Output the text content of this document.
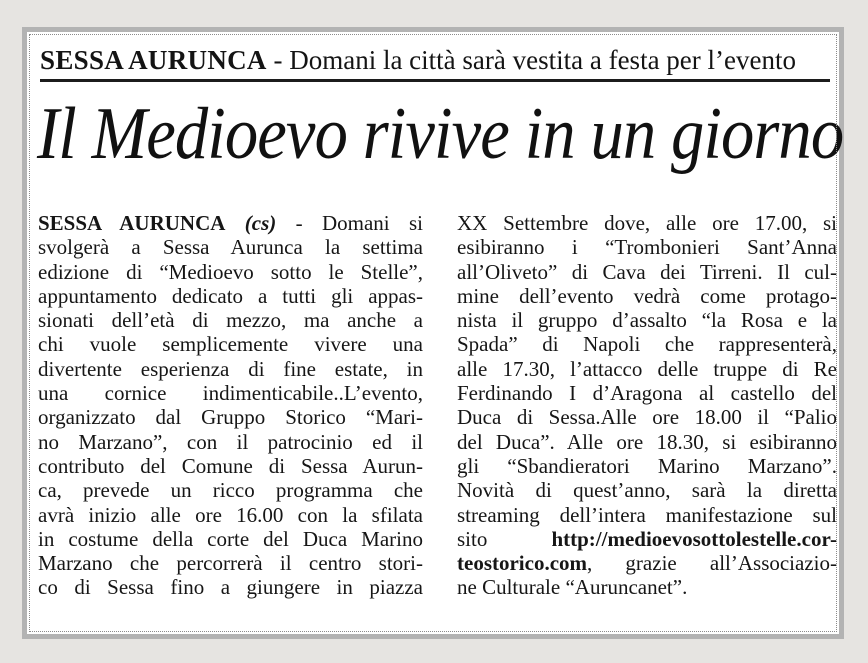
SESSA AURUNCA - Domani la città sarà vestita a festa per l’evento
Il Medioevo rivive in un giorno
SESSA AURUNCA (cs) - Domani si
svolgerà a Sessa Aurunca la settima
edizione di “Medioevo sotto le Stelle”,
appuntamento dedicato a tutti gli appas-
sionati dell’età di mezzo, ma anche a
chi vuole semplicemente vivere una
divertente esperienza di fine estate, in
una cornice indimenticabile..L’evento,
organizzato dal Gruppo Storico “Mari-
no Marzano”, con il patrocinio ed il
contributo del Comune di Sessa Aurun-
ca, prevede un ricco programma che
avrà inizio alle ore 16.00 con la sfilata
in costume della corte del Duca Marino
Marzano che percorrerà il centro stori-
co di Sessa fino a giungere in piazza
XX Settembre dove, alle ore 17.00, si
esibiranno i “Trombonieri Sant’Anna
all’Oliveto” di Cava dei Tirreni. Il cul-
mine dell’evento vedrà come protago-
nista il gruppo d’assalto “la Rosa e la
Spada” di Napoli che rappresenterà,
alle 17.30, l’attacco delle truppe di Re
Ferdinando I d’Aragona al castello del
Duca di Sessa.Alle ore 18.00 il “Palio
del Duca”. Alle ore 18.30, si esibiranno
gli “Sbandieratori Marino Marzano”.
Novità di quest’anno, sarà la diretta
streaming dell’intera manifestazione sul
sito	http://medioevosottolestelle.cor-
teostorico.com, grazie all’Associazio-
ne Culturale “Auruncanet”.
